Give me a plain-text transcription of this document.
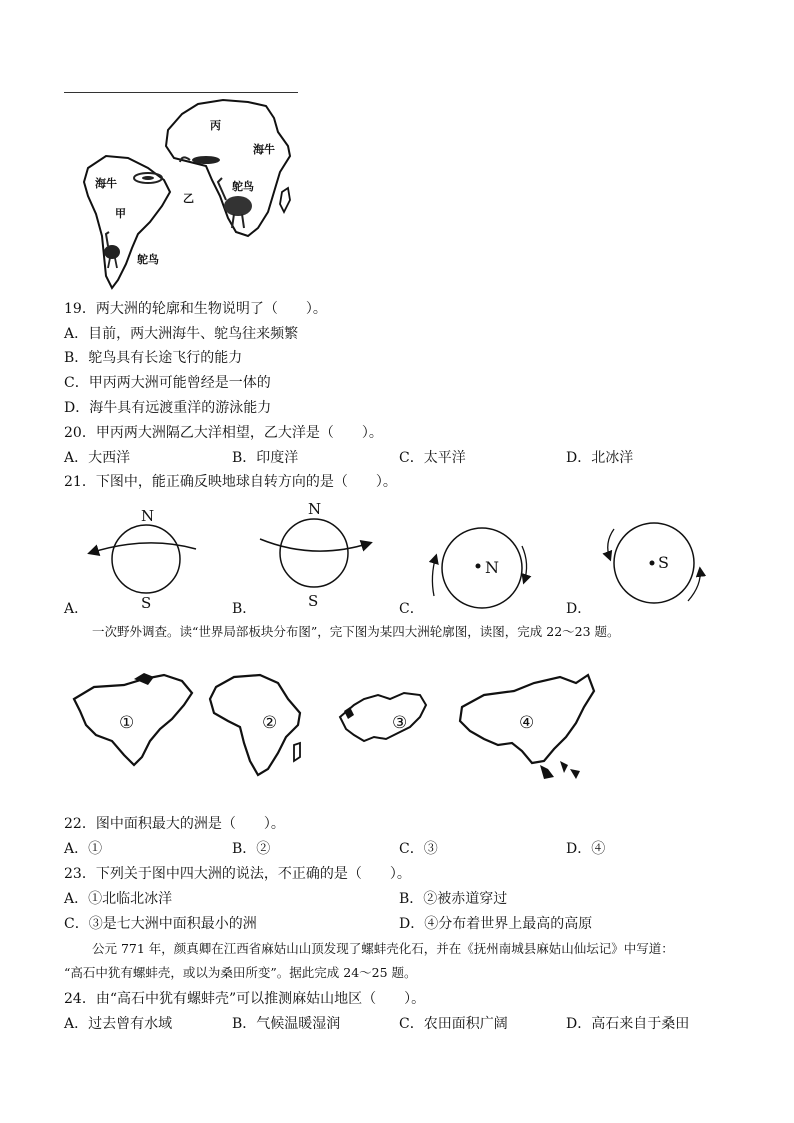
丙
海牛
鸵鸟
海牛
乙
甲
鸵鸟
19．两大洲的轮廓和生物说明了（　　）。
A．目前，两大洲海牛、鸵鸟往来频繁
B．鸵鸟具有长途飞行的能力
C．甲丙两大洲可能曾经是一体的
D．海牛具有远渡重洋的游泳能力
20．甲丙两大洲隔乙大洋相望，乙大洋是（　　）。
A．大西洋	B．印度洋	C．太平洋	D．北冰洋
21．下图中，能正确反映地球自转方向的是（　　）。
N
S
N
S
N	S
A．	B．	C．	D．
一次野外调查。读“世界局部板块分布图”，完下图为某四大洲轮廓图，读图，完成 22～23 题。
①	②	③	④
22．图中面积最大的洲是（　　）。
A．①	B．②	C．③	D．④
23．下列关于图中四大洲的说法，不正确的是（　　）。
A．①北临北冰洋	B．②被赤道穿过
C．③是七大洲中面积最小的洲	D．④分布着世界上最高的高原
公元 771 年，颜真卿在江西省麻姑山山顶发现了螺蚌壳化石，并在《抚州南城县麻姑山仙坛记》中写道：
“高石中犹有螺蚌壳，或以为桑田所变”。据此完成 24～25 题。
24．由“高石中犹有螺蚌壳”可以推测麻姑山地区（　　）。
A．过去曾有水域	B．气候温暖湿润	C．农田面积广阔	D．高石来自于桑田
